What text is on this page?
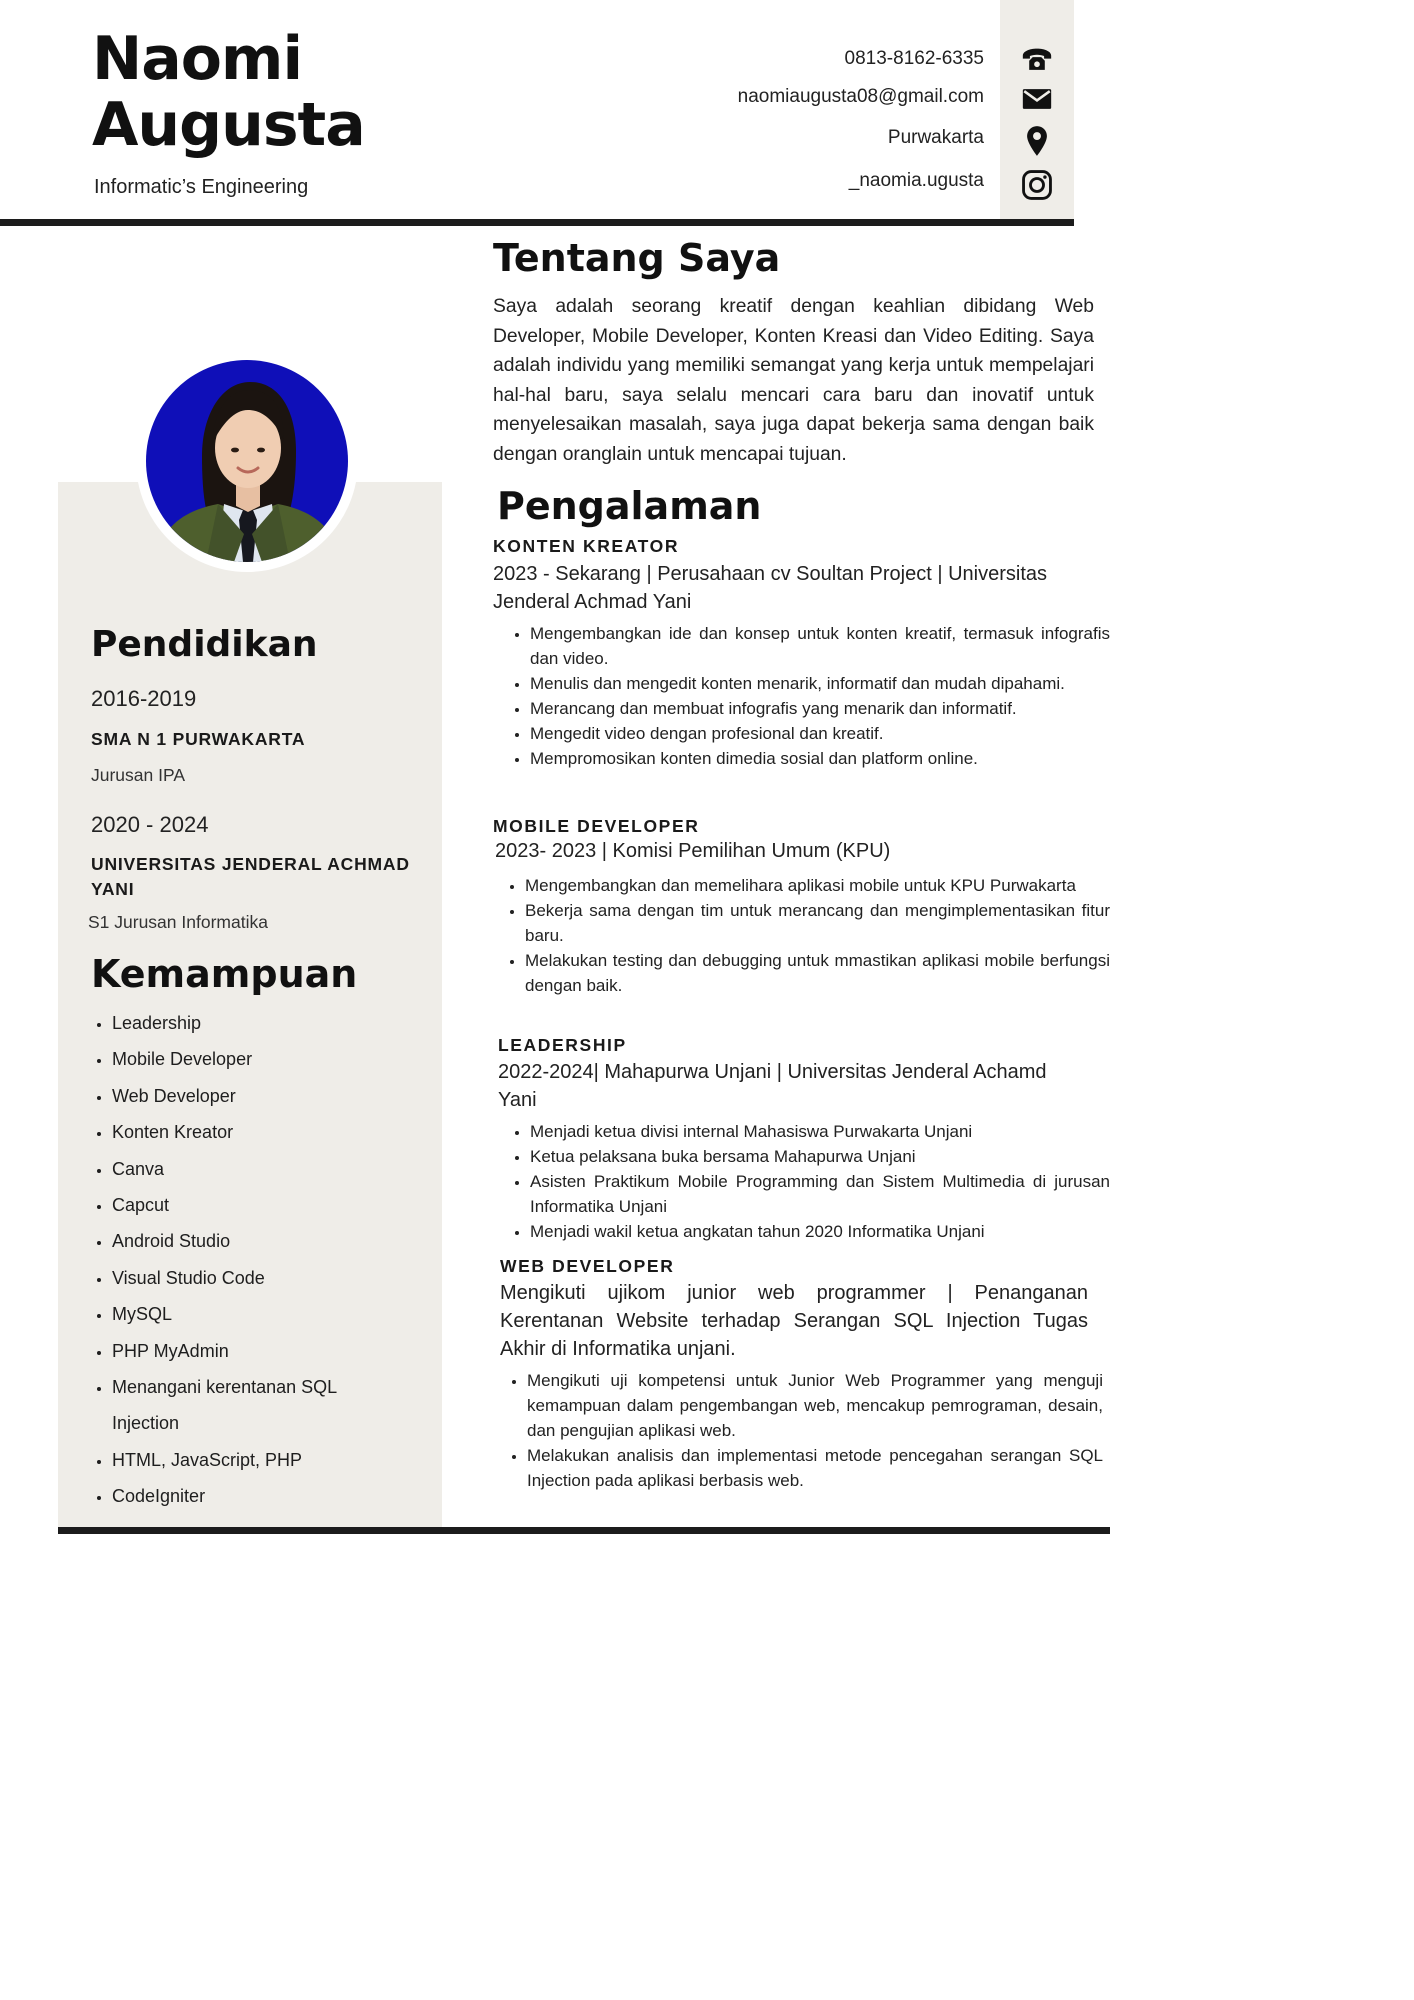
Naomi
Augusta
Informatic’s Engineering
0813-8162-6335
naomiaugusta08@gmail.com
Purwakarta
_naomia.ugusta
Pendidikan
2016-2019
SMA N 1 PURWAKARTA
Jurusan IPA
2020 - 2024
UNIVERSITAS JENDERAL ACHMAD YANI
S1 Jurusan Informatika
Kemampuan
• Leadership
• Mobile Developer
• Web Developer
• Konten Kreator
• Canva
• Capcut
• Android Studio
• Visual Studio Code
• MySQL
• PHP MyAdmin
• Menangani kerentanan SQL Injection
• HTML, JavaScript, PHP
• CodeIgniter
Tentang Saya

Saya adalah seorang kreatif dengan keahlian dibidang Web Developer, Mobile Developer, Konten Kreasi dan Video Editing. Saya adalah individu yang memiliki semangat yang kerja untuk mempelajari hal-hal baru, saya selalu mencari cara baru dan inovatif untuk menyelesaikan masalah, saya juga dapat bekerja sama dengan baik dengan oranglain untuk mencapai tujuan.

Pengalaman
KONTEN KREATOR
2023 - Sekarang | Perusahaan cv Soultan Project | Universitas Jenderal Achmad Yani
• Mengembangkan ide dan konsep untuk konten kreatif, termasuk infografis dan video.
• Menulis dan mengedit konten menarik, informatif dan mudah dipahami.
• Merancang dan membuat infografis yang menarik dan informatif.
• Mengedit video dengan profesional dan kreatif.
• Mempromosikan konten dimedia sosial dan platform online.
MOBILE DEVELOPER
2023- 2023 | Komisi Pemilihan Umum (KPU)
• Mengembangkan dan memelihara aplikasi mobile untuk KPU Purwakarta
• Bekerja sama dengan tim untuk merancang dan mengimplementasikan fitur baru.
• Melakukan testing dan debugging untuk mmastikan aplikasi mobile berfungsi dengan baik.
LEADERSHIP
2022-2024| Mahapurwa Unjani | Universitas Jenderal Achamd Yani
• Menjadi ketua divisi internal Mahasiswa Purwakarta Unjani
• Ketua pelaksana buka bersama Mahapurwa Unjani
• Asisten Praktikum Mobile Programming dan Sistem Multimedia di jurusan Informatika Unjani
• Menjadi wakil ketua angkatan tahun 2020 Informatika Unjani
WEB DEVELOPER
Mengikuti ujikom junior web programmer | Penanganan Kerentanan Website terhadap Serangan SQL Injection Tugas Akhir di Informatika unjani.
• Mengikuti uji kompetensi untuk Junior Web Programmer yang menguji kemampuan dalam pengembangan web, mencakup pemrograman, desain, dan pengujian aplikasi web.
• Melakukan analisis dan implementasi metode pencegahan serangan SQL Injection pada aplikasi berbasis web.
